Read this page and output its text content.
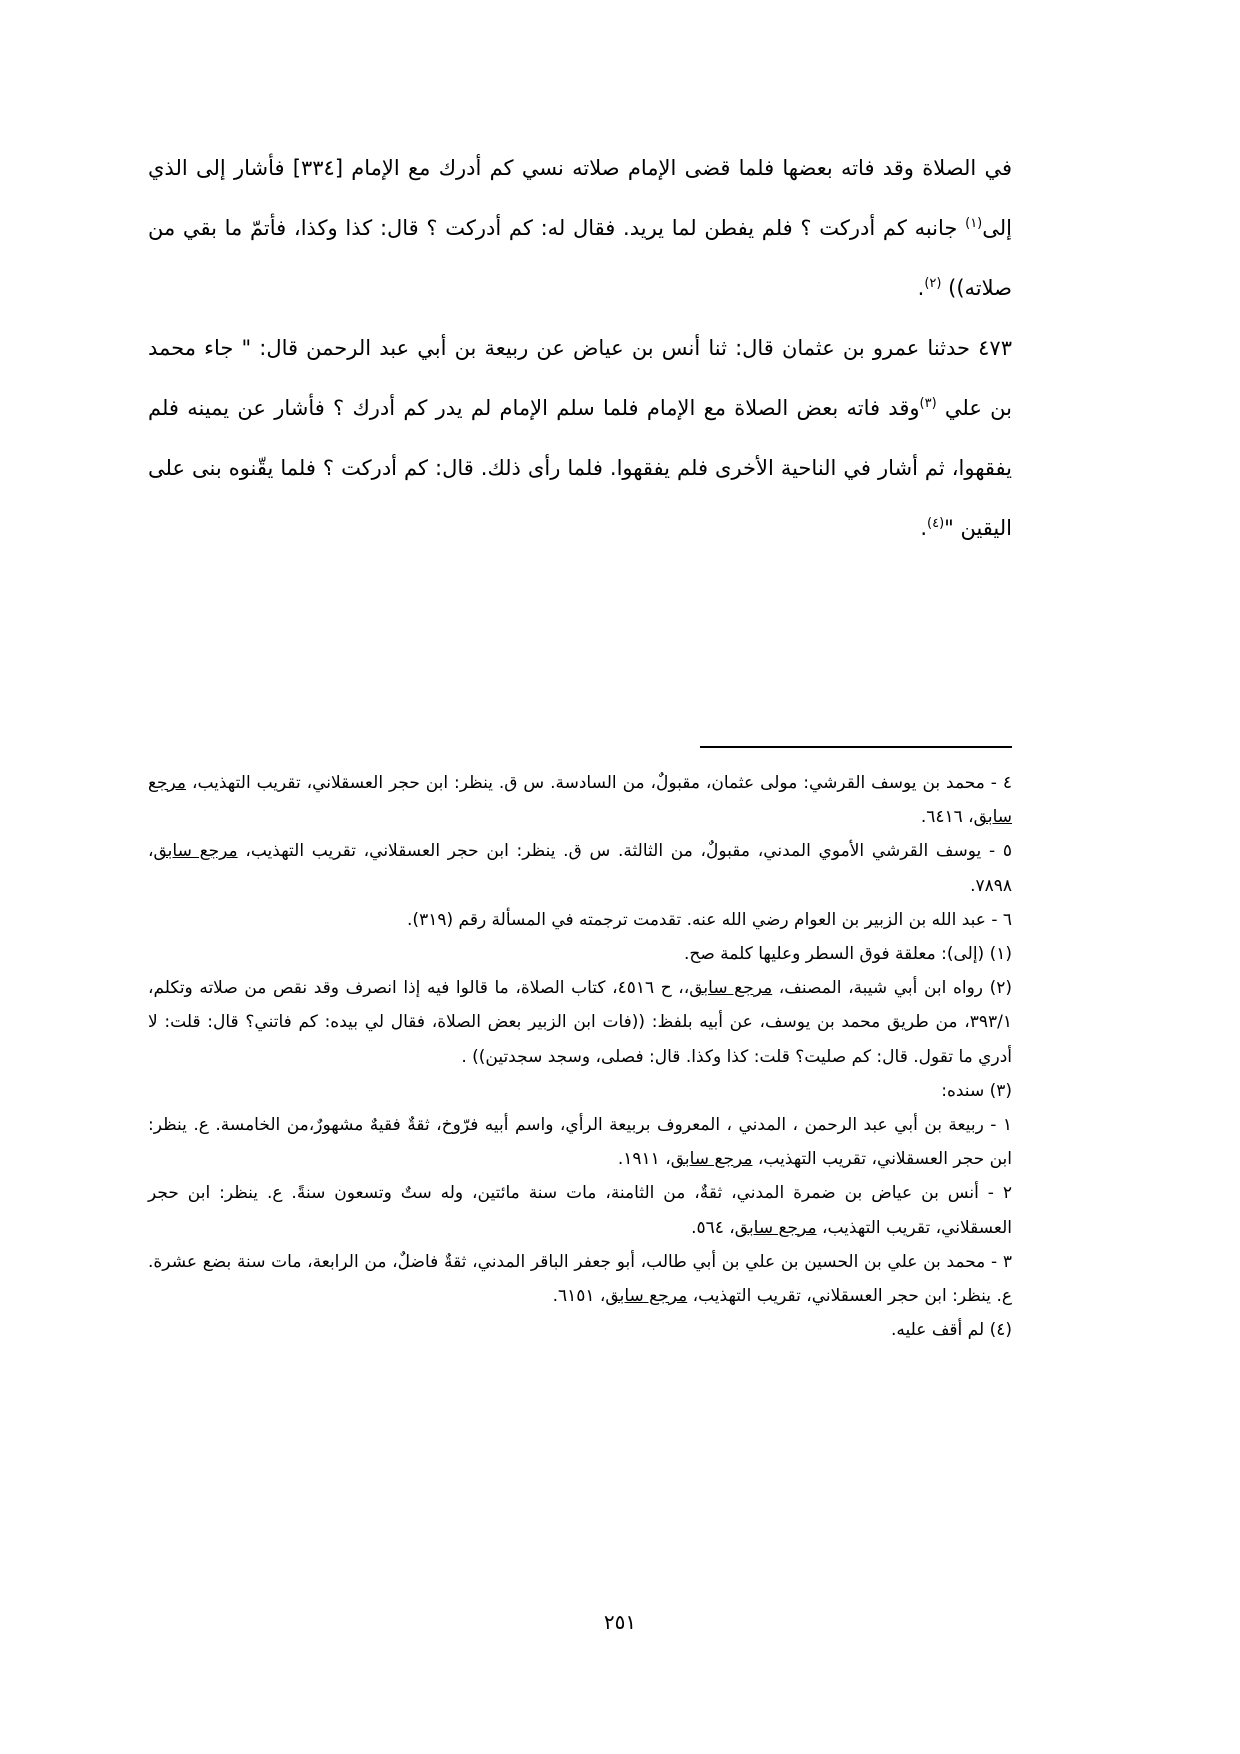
في الصلاة وقد فاته بعضها فلما قضى الإمام صلاته نسي كم أدرك مع الإمام [٣٣٤] فأشار إلى الذي إلى$^{(١)}$ جانبه كم أدركت ؟ فلم يفطن لما يريد. فقال له: كم أدركت ؟ قال: كذا وكذا، فأتمّ ما بقي من صلاته)) $^{(٢)}$.

٤٧٣ حدثنا عمرو بن عثمان قال: ثنا أنس بن عياض عن ربيعة بن أبي عبد الرحمن قال: " جاء محمد بن علي $^{(٣)}$وقد فاته بعض الصلاة مع الإمام فلما سلم الإمام لم يدر كم أدرك ؟ فأشار عن يمينه فلم يفقهوا، ثم أشار في الناحية الأخرى فلم يفقهوا. فلما رأى ذلك. قال: كم أدركت ؟ فلما يقّنوه بنى على اليقين "$^{(٤)}$.

٤ - محمد بن يوسف القرشي: مولى عثمان، مقبولٌ، من السادسة. س ق. ينظر: ابن حجر العسقلاني، تقريب التهذيب، مرجع سابق، ٦٤١٦.

٥ - يوسف القرشي الأموي المدني، مقبولٌ، من الثالثة. س ق. ينظر: ابن حجر العسقلاني، تقريب التهذيب، مرجع سابق، ٧٨٩٨.

٦ - عبد الله بن الزبير بن العوام رضي الله عنه. تقدمت ترجمته في المسألة رقم (٣١٩).

(١) (إلى): معلقة فوق السطر وعليها كلمة صح.

(٢) رواه ابن أبي شيبة، المصنف، مرجع سابق،، ح ٤٥١٦، كتاب الصلاة، ما قالوا فيه إذا انصرف وقد نقص من صلاته وتكلم، ٣٩٣/١، من طريق محمد بن يوسف، عن أبيه بلفظ: ((فات ابن الزبير بعض الصلاة، فقال لي بيده: كم فاتني؟ قال: قلت: لا أدري ما تقول. قال: كم صليت؟ قلت: كذا وكذا. قال: فصلى، وسجد سجدتين)) .

(٣) سنده:

١ - ربيعة بن أبي عبد الرحمن ، المدني ، المعروف بربيعة الرأي، واسم أبيه فرّوخ، ثقةٌ فقيهٌ مشهورٌ،من الخامسة. ع. ينظر: ابن حجر العسقلاني، تقريب التهذيب، مرجع سابق، ١٩١١.

٢ - أنس بن عياض بن ضمرة المدني، ثقةٌ، من الثامنة، مات سنة مائتين، وله ستٌ وتسعون سنةً. ع. ينظر: ابن حجر العسقلاني، تقريب التهذيب، مرجع سابق، ٥٦٤.

٣ - محمد بن علي بن الحسين بن علي بن أبي طالب، أبو جعفر الباقر المدني، ثقةٌ فاضلٌ، من الرابعة، مات سنة بضع عشرة. ع. ينظر: ابن حجر العسقلاني، تقريب التهذيب، مرجع سابق، ٦١٥١.

(٤) لم أقف عليه.

٢٥١
